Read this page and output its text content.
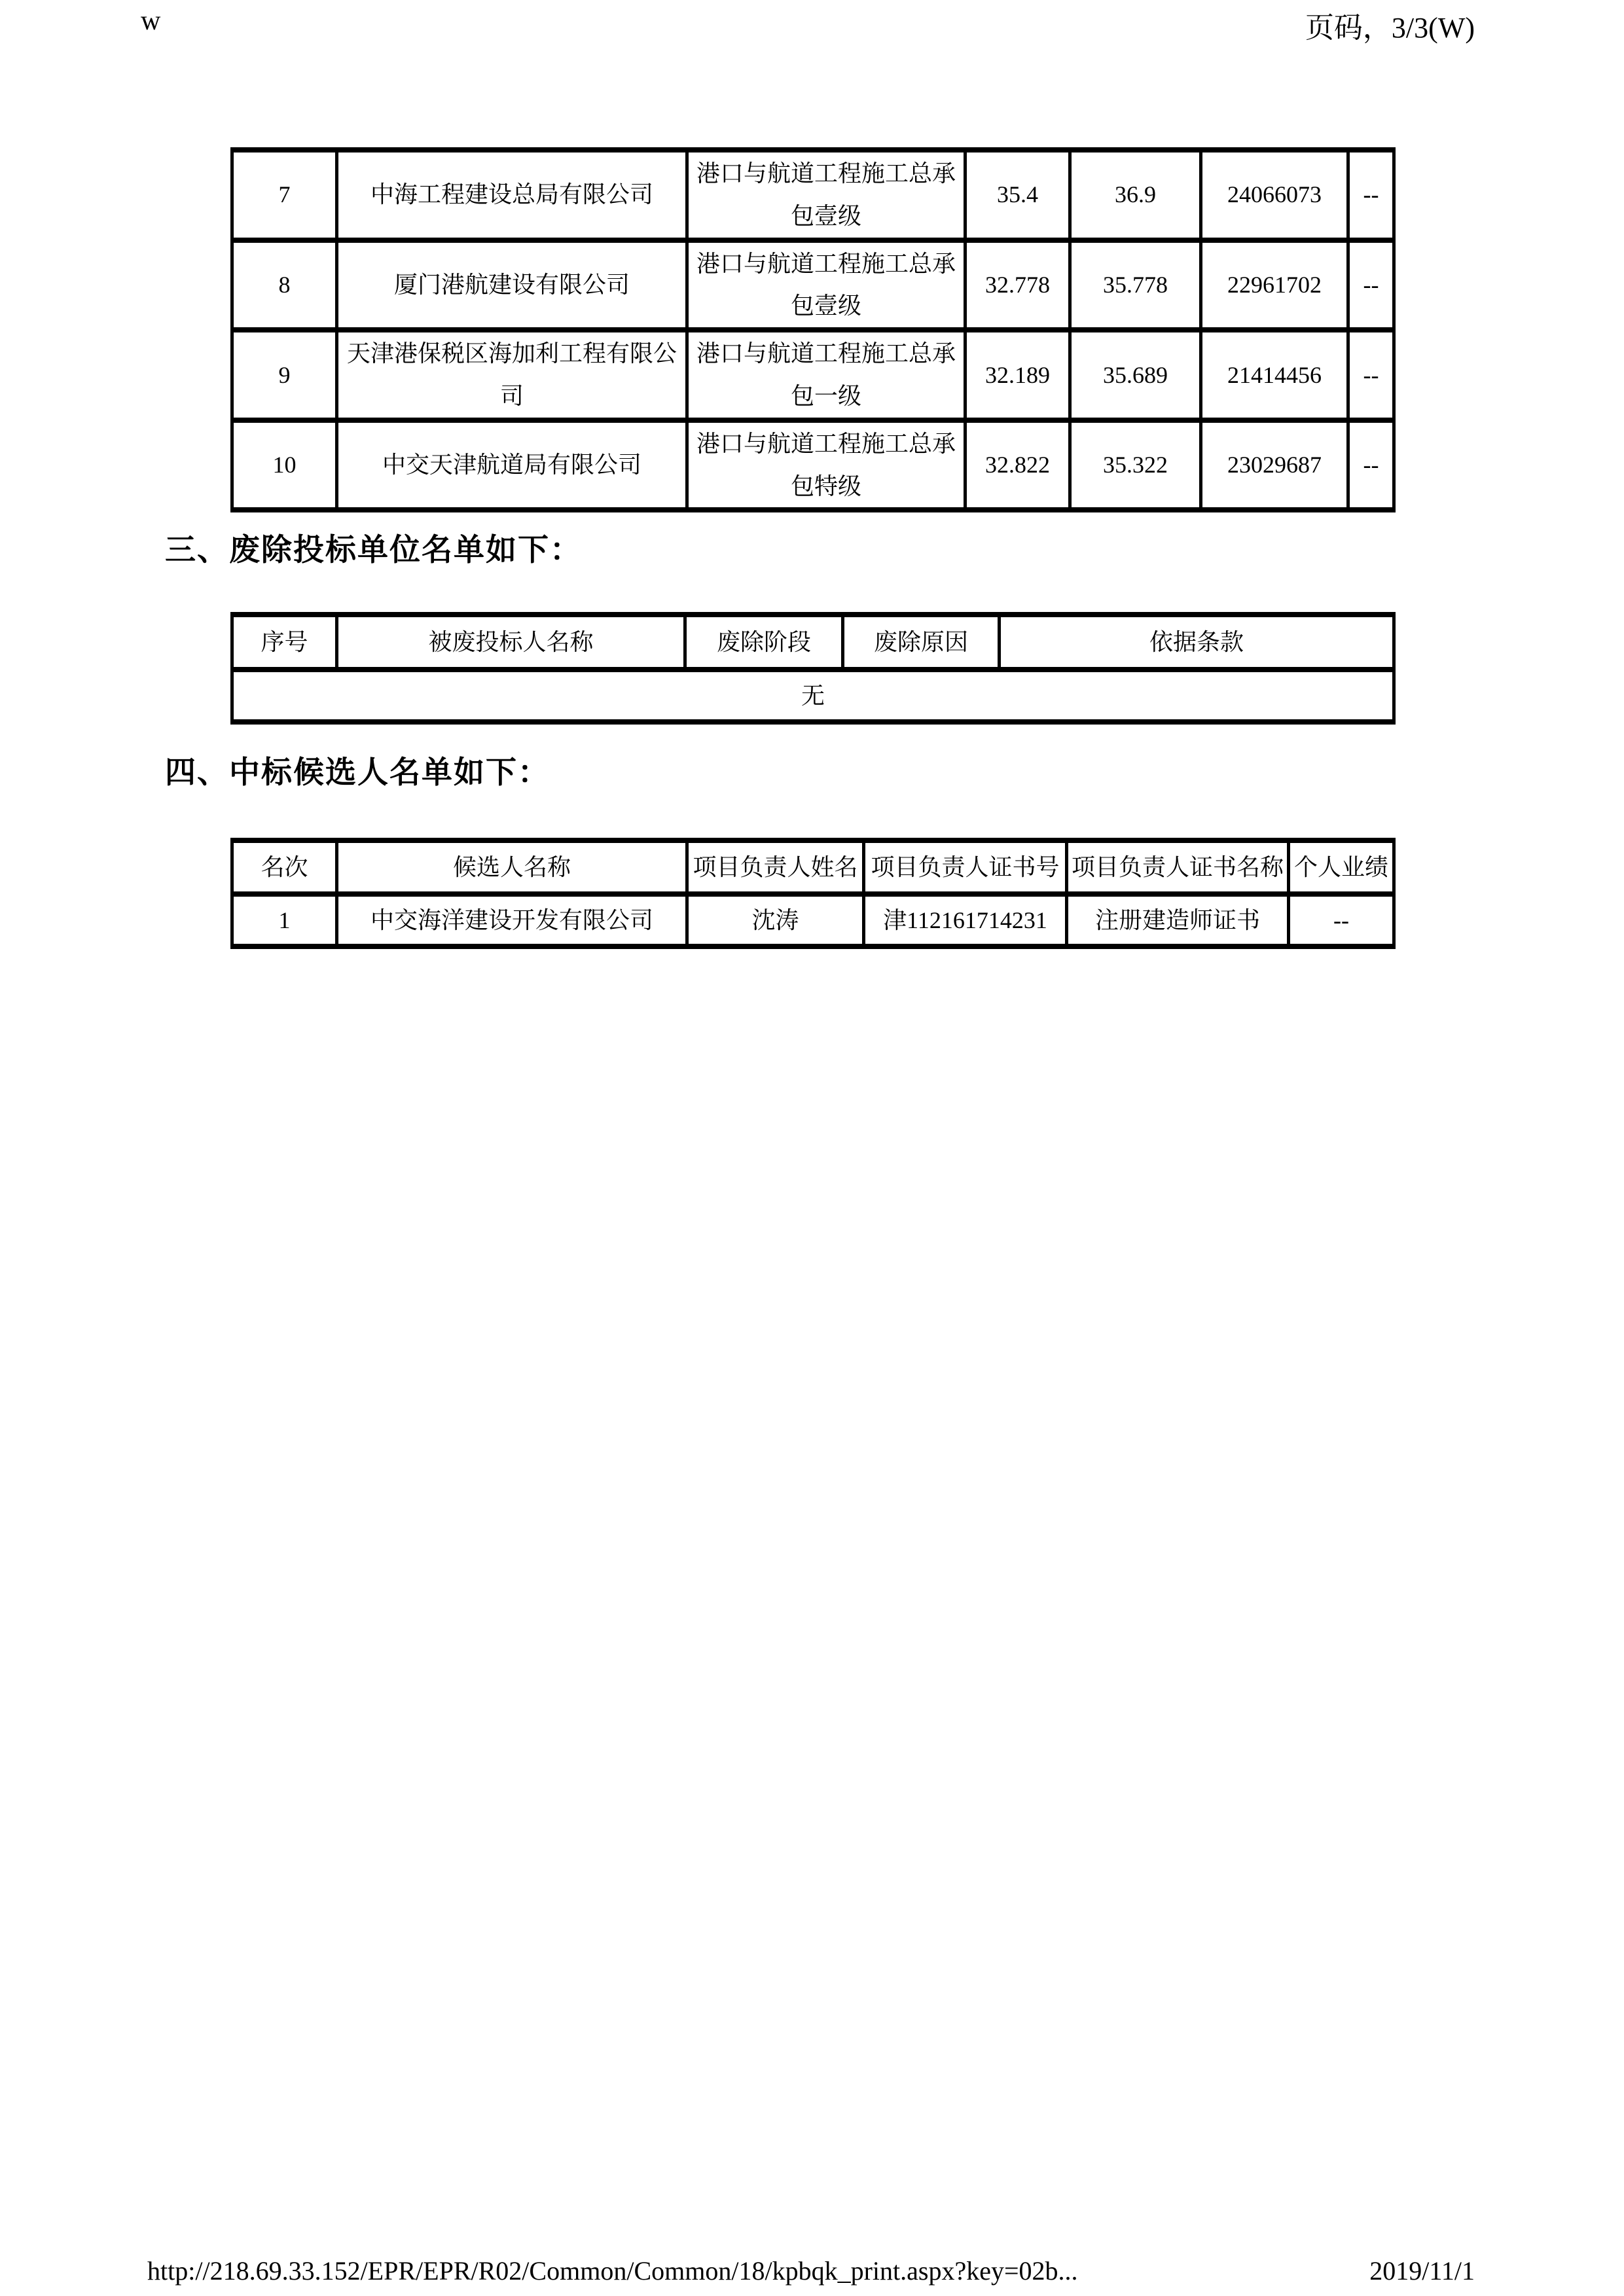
w	页码，3/3(W)
7	中海工程建设总局有限公司	港口与航道工程施工总承包壹级	35.4	36.9	24066073	--
8	厦门港航建设有限公司	港口与航道工程施工总承包壹级	32.778	35.778	22961702	--
9	天津港保税区海加利工程有限公司	港口与航道工程施工总承包一级	32.189	35.689	21414456	--
10	中交天津航道局有限公司	港口与航道工程施工总承包特级	32.822	35.322	23029687	--
三、废除投标单位名单如下：
序号	被废投标人名称	废除阶段	废除原因	依据条款
无
四、中标候选人名单如下：
名次	候选人名称	项目负责人姓名	项目负责人证书号	项目负责人证书名称	个人业绩
1	中交海洋建设开发有限公司	沈涛	津112161714231	注册建造师证书	--
http://218.69.33.152/EPR/EPR/R02/Common/Common/18/kpbqk_print.aspx?key=02b...	2019/11/1
